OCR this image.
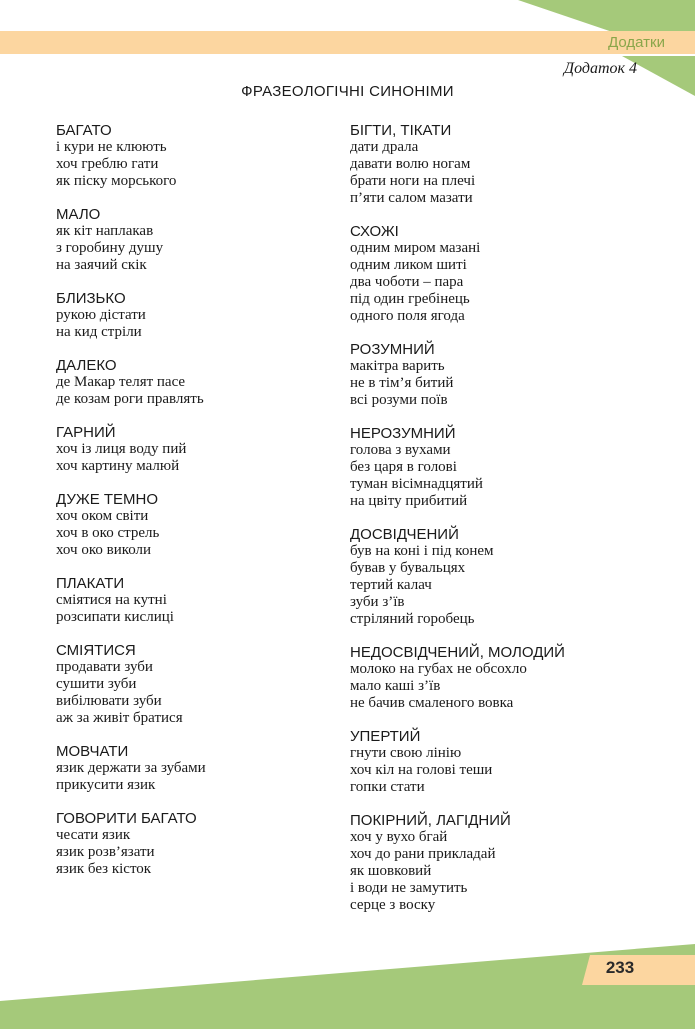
Додатки
Додаток 4
ФРАЗЕОЛОГІЧНІ СИНОНІМИ
БАГАТО
і кури не клюють
хоч греблю гати
як піску морського
МАЛО
як кіт наплакав
з горобину душу
на заячий скік
БЛИЗЬКО
рукою дістати
на кид стріли
ДАЛЕКО
де Макар телят пасе
де козам роги правлять
ГАРНИЙ
хоч із лиця воду пий
хоч картину малюй
ДУЖЕ ТЕМНО
хоч оком світи
хоч в око стрель
хоч око виколи
ПЛАКАТИ
сміятися на кутні
розсипати кислиці
СМІЯТИСЯ
продавати зуби
сушити зуби
вибілювати зуби
аж за живіт братися
МОВЧАТИ
язик держати за зубами
прикусити язик
ГОВОРИТИ БАГАТО
чесати язик
язик розв’язати
язик без кісток
БІГТИ, ТІКАТИ
дати драла
давати волю ногам
брати ноги на плечі
п’яти салом мазати
СХОЖІ
одним миром мазані
одним ликом шиті
два чоботи – пара
під один гребінець
одного поля ягода
РОЗУМНИЙ
макітра варить
не в тім’я битий
всі розуми поїв
НЕРОЗУМНИЙ
голова з вухами
без царя в голові
туман вісімнадцятий
на цвіту прибитий
ДОСВІДЧЕНИЙ
був на коні і під конем
бував у бувальцях
тертий калач
зуби з’їв
стріляний горобець
НЕДОСВІДЧЕНИЙ, МОЛОДИЙ
молоко на губах не обсохло
мало каші з’їв
не бачив смаленого вовка
УПЕРТИЙ
гнути свою лінію
хоч кіл на голові теши
гопки стати
ПОКІРНИЙ, ЛАГІДНИЙ
хоч у вухо бгай
хоч до рани прикладай
як шовковий
і води не замутить
серце з воску
233
